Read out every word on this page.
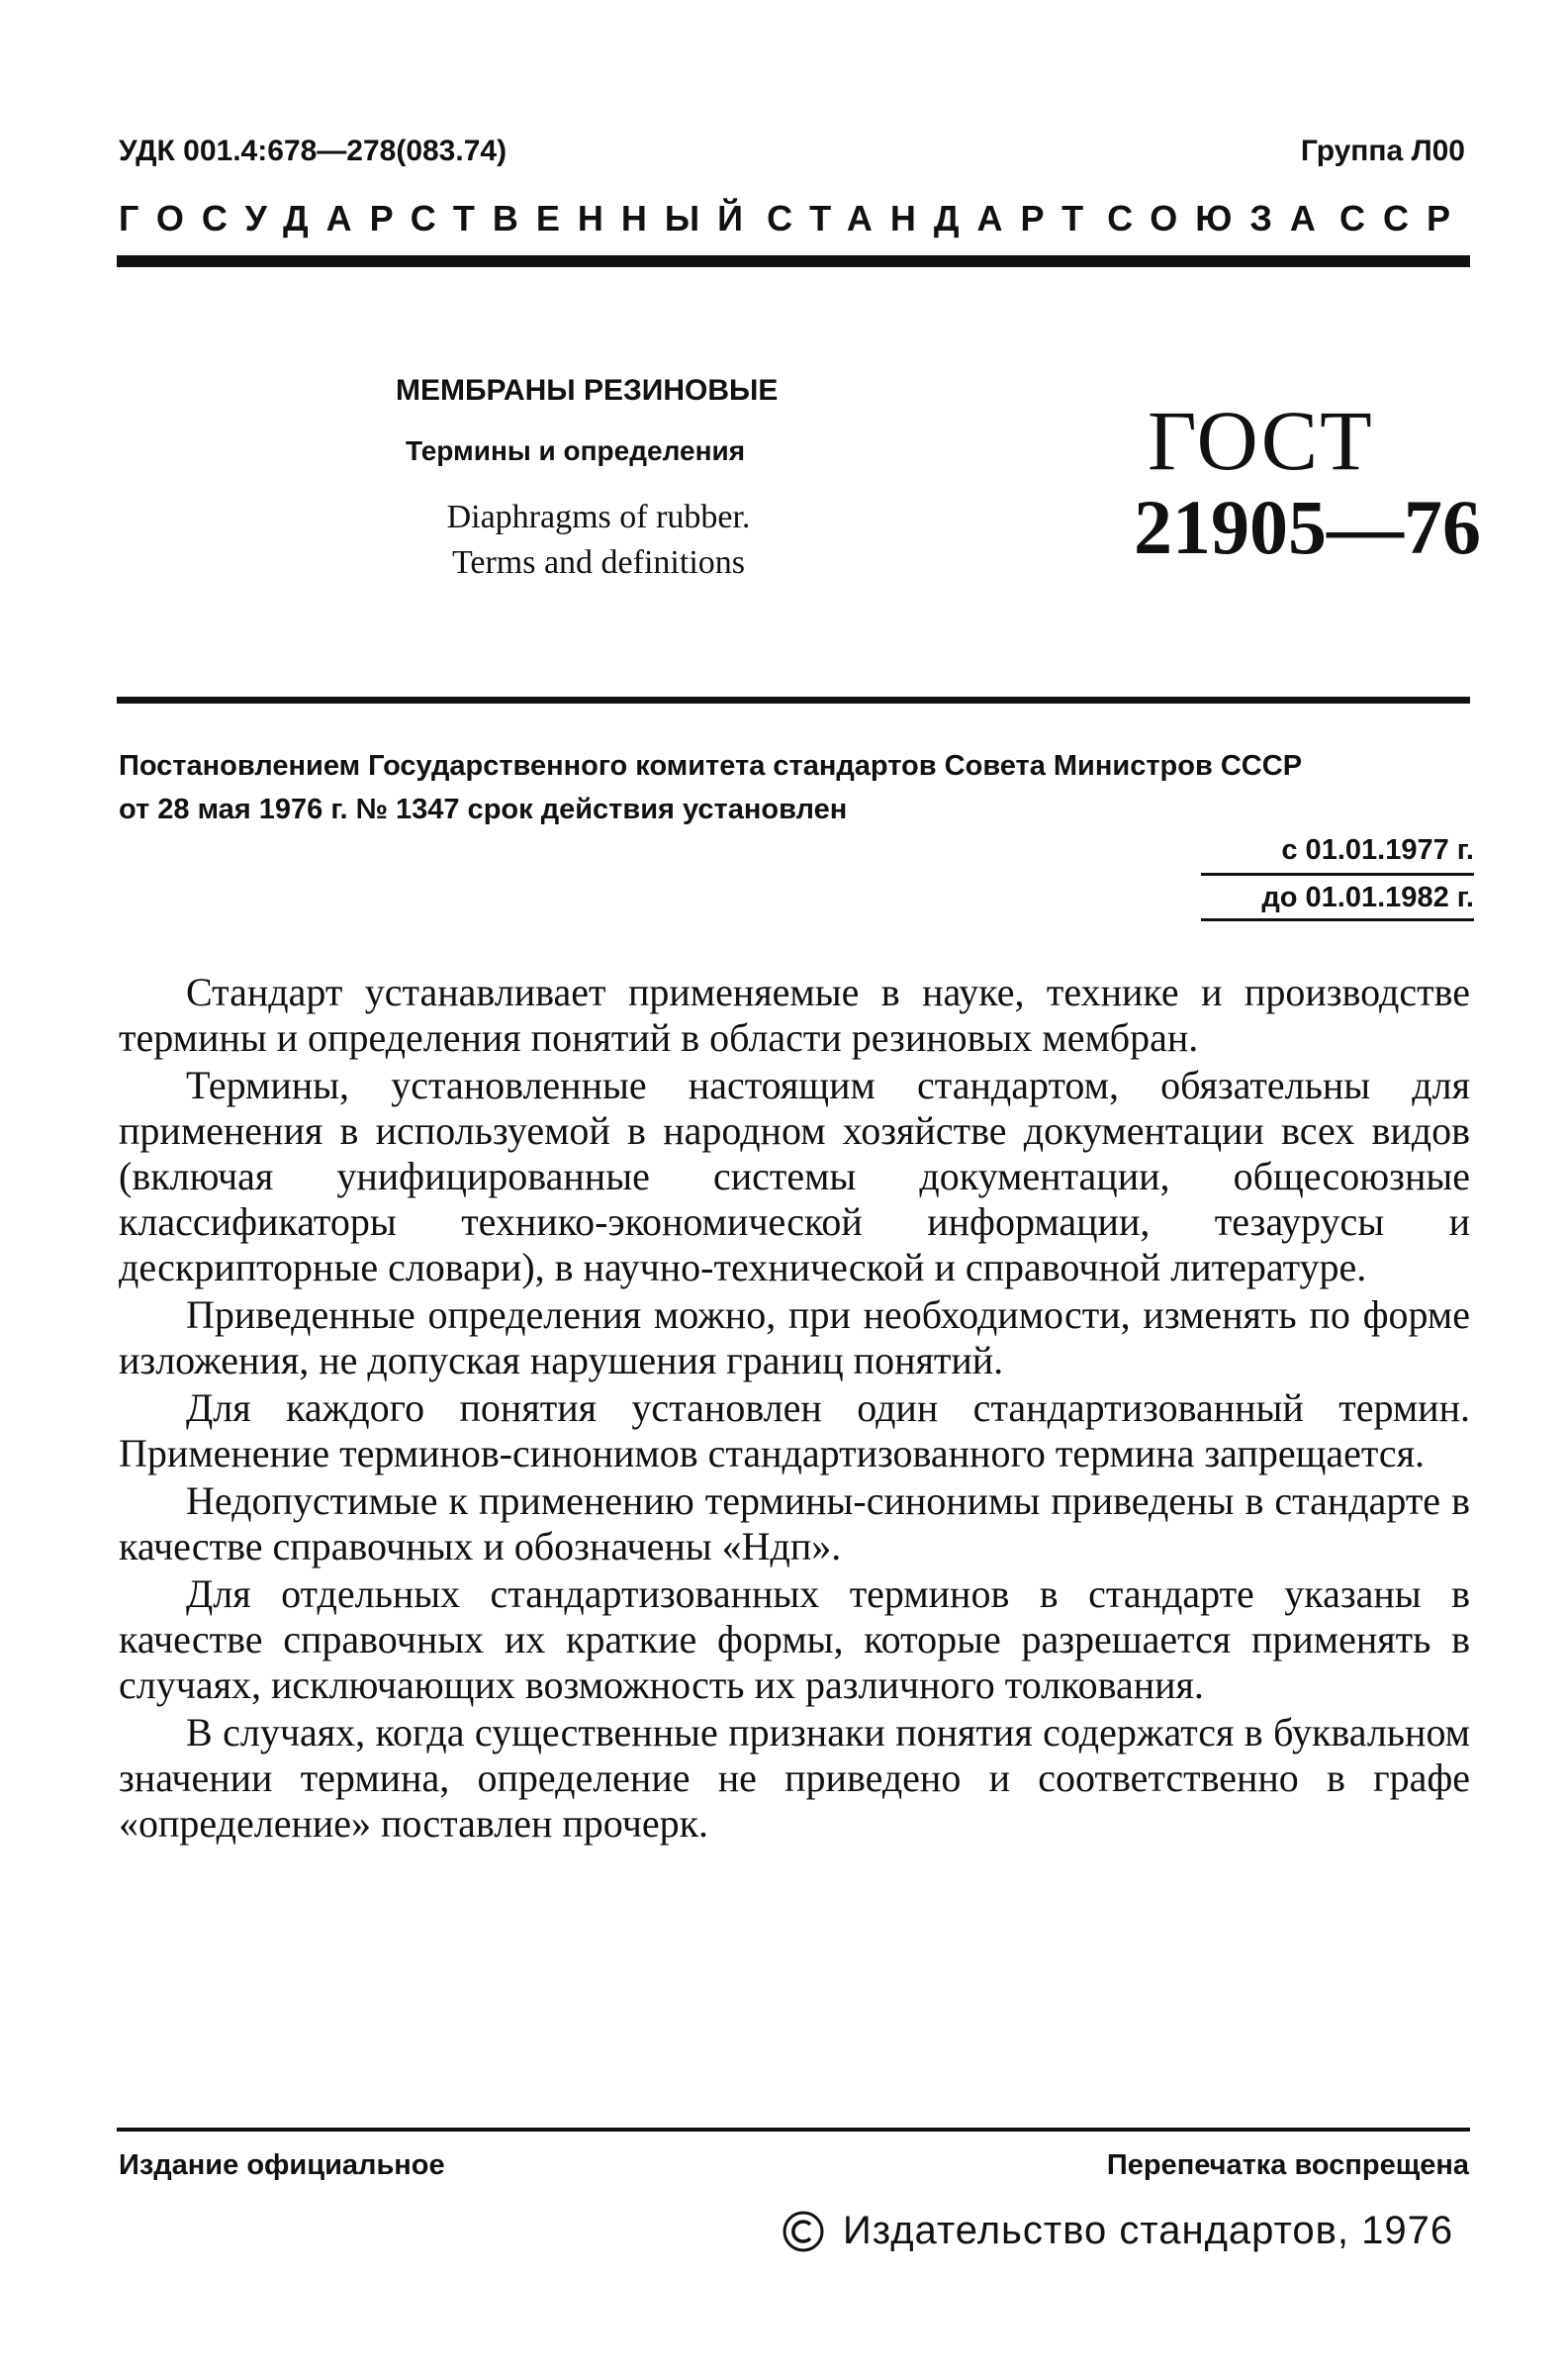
УДК 001.4:678—278(083.74)	Группа Л00
ГОСУДАРСТВЕННЫЙ СТАНДАРТ СОЮЗА ССР
МЕМБРАНЫ РЕЗИНОВЫЕ
Термины и определения
Diaphragms of rubber.
Terms and definitions
ГОСТ
21905—76
Постановлением Государственного комитета стандартов Совета Министров СССР
от 28 мая 1976 г. № 1347 срок действия установлен
с 01.01.1977 г.
до 01.01.1982 г.

Стандарт устанавливает применяемые в науке, технике и производстве термины и определения понятий в области резиновых мембран.

Термины, установленные настоящим стандартом, обязательны для применения в используемой в народном хозяйстве документации всех видов (включая унифицированные системы документации, общесоюзные классификаторы технико-экономической информации, тезаурусы и дескрипторные словари), в научно-технической и справочной литературе.

Приведенные определения можно, при необходимости, изменять по форме изложения, не допуская нарушения границ понятий.

Для каждого понятия установлен один стандартизованный термин. Применение терминов-синонимов стандартизованного термина запрещается.

Недопустимые к применению термины-синонимы приведены в стандарте в качестве справочных и обозначены «Ндп».

Для отдельных стандартизованных терминов в стандарте указаны в качестве справочных их краткие формы, которые разрешается применять в случаях, исключающих возможность их различного толкования.

В случаях, когда существенные признаки понятия содержатся в буквальном значении термина, определение не приведено и соответственно в графе «определение» поставлен прочерк.

Издание официальное	Перепечатка воспрещена
Издательство стандартов, 1976
